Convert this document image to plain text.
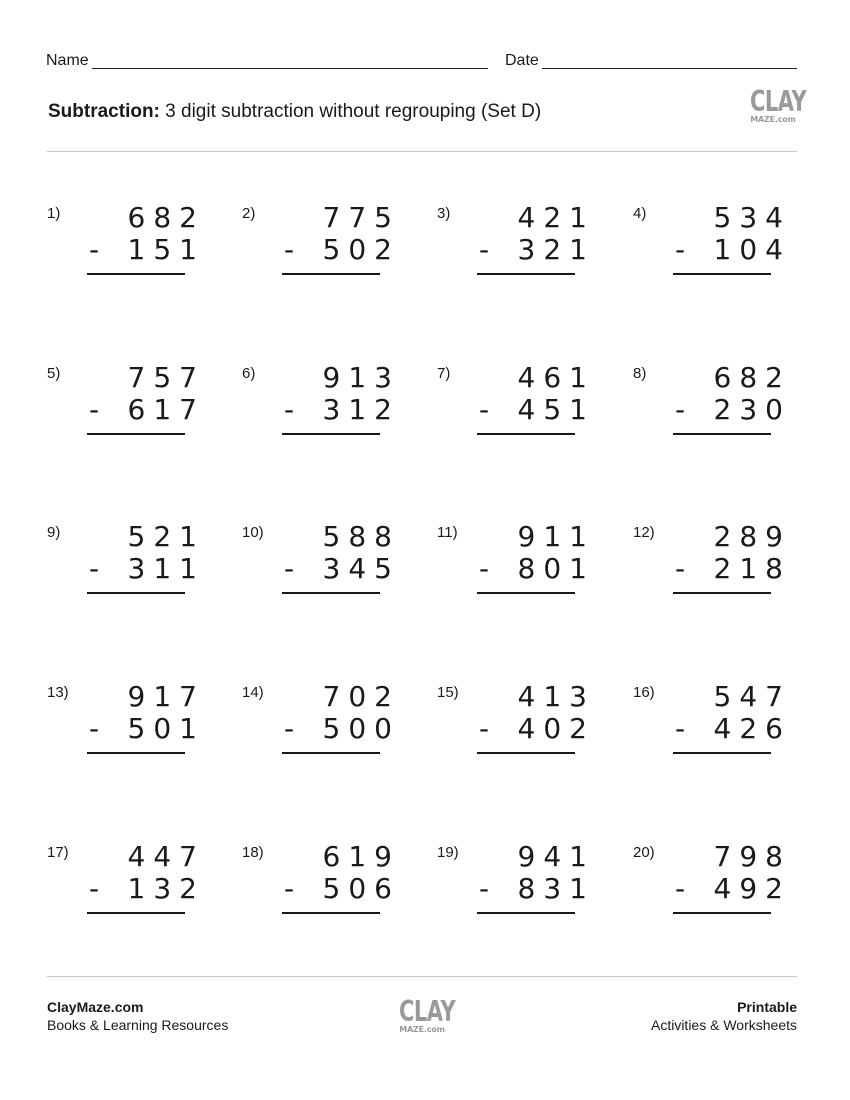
Name	Date
Subtraction: 3 digit subtraction without regrouping (Set D)	CLAY
MAZE.com
1) 682
- 151
2) 775
- 502
3) 421
- 321
4) 534
- 104
5) 757
- 617
6) 913
- 312
7) 461
- 451
8) 682
- 230
9) 521
- 311
10) 588
- 345
11) 911
- 801
12) 289
- 218
13) 917
- 501
14) 702
- 500
15) 413
- 402
16) 547
- 426
17) 447
- 132
18) 619
- 506
19) 941
- 831
20) 798
- 492
ClayMaze.com
Books & Learning Resources	CLAY
MAZE.com
Printable
Activities & Worksheets
